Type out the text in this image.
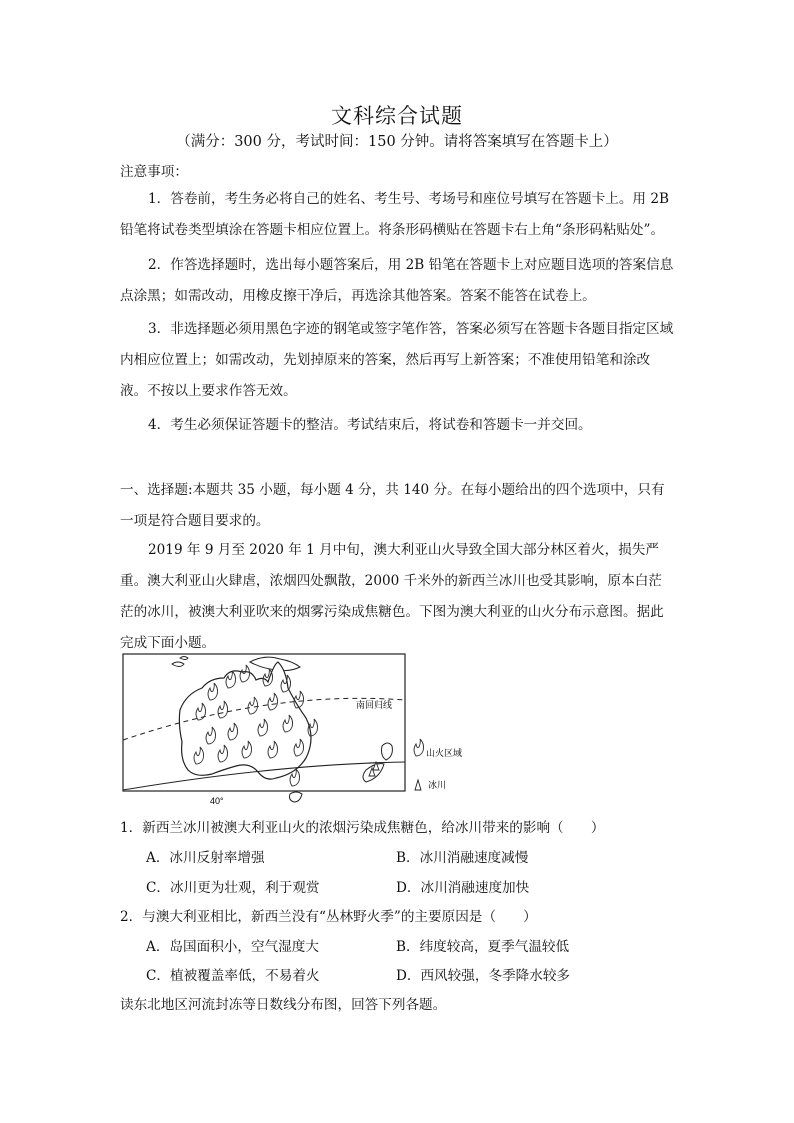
文科综合试题
（满分：300 分，考试时间：150 分钟。请将答案填写在答题卡上）
注意事项：

1．答卷前，考生务必将自己的姓名、考生号、考场号和座位号填写在答题卡上。用 2B 铅笔将试卷类型填涂在答题卡相应位置上。将条形码横贴在答题卡右上角“条形码粘贴处”。

2．作答选择题时，选出每小题答案后，用 2B 铅笔在答题卡上对应题目选项的答案信息点涂黑；如需改动，用橡皮擦干净后，再选涂其他答案。答案不能答在试卷上。

3．非选择题必须用黑色字迹的钢笔或签字笔作答，答案必须写在答题卡各题目指定区域内相应位置上；如需改动，先划掉原来的答案，然后再写上新答案；不准使用铅笔和涂改液。不按以上要求作答无效。

4．考生必须保证答题卡的整洁。考试结束后，将试卷和答题卡一并交回。

一、选择题:本题共 35 小题，每小题 4 分，共 140 分。在每小题给出的四个选项中，只有一项是符合题目要求的。

2019 年 9 月至 2020 年 1 月中旬，澳大利亚山火导致全国大部分林区着火，损失严重。澳大利亚山火肆虐，浓烟四处飘散，2000 千米外的新西兰冰川也受其影响，原本白茫茫的冰川，被澳大利亚吹来的烟雾污染成焦糖色。下图为澳大利亚的山火分布示意图。据此完成下面小题。

南回归线
40°
山火区域
冰川
1．新西兰冰川被澳大利亚山火的浓烟污染成焦糖色，给冰川带来的影响（　　）
A．冰川反射率增强	B．冰川消融速度减慢
C．冰川更为壮观，利于观赏	D．冰川消融速度加快
2．与澳大利亚相比，新西兰没有“丛林野火季”的主要原因是（　　）
A．岛国面积小，空气湿度大	B．纬度较高，夏季气温较低
C．植被覆盖率低，不易着火	D．西风较强，冬季降水较多
读东北地区河流封冻等日数线分布图，回答下列各题。
